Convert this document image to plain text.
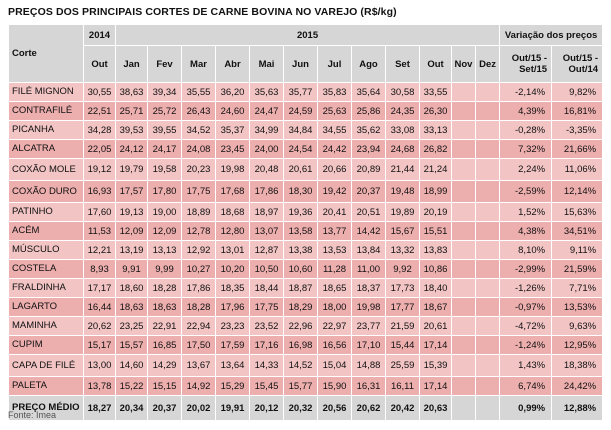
PREÇOS DOS PRINCIPAIS CORTES DE CARNE BOVINA NO VAREJO (R$/kg)
Corte	2014	2015												Variação dos preços	
	Out	Jan	Fev	Mar	Abr	Mai	Jun	Jul	Ago	Set	Out	Nov	Dez	Out/15 - Set/15	Out/15 - Out/14
FILÉ MIGNON	30,55	38,63	39,34	35,55	36,20	35,63	35,77	35,83	35,64	30,58	33,55			-2,14%	9,82%
CONTRAFILÉ	22,51	25,71	25,72	26,43	24,60	24,47	24,59	25,63	25,86	24,35	26,30			4,39%	16,81%
PICANHA	34,28	39,53	39,55	34,52	35,37	34,99	34,84	34,55	35,62	33,08	33,13			-0,28%	-3,35%
ALCATRA	22,05	24,12	24,17	24,08	23,45	24,00	24,54	24,42	23,94	24,68	26,82			7,32%	21,66%
COXÃO MOLE	19,12	19,79	19,58	20,23	19,98	20,48	20,61	20,66	20,89	21,44	21,24			2,24%	11,06%
COXÃO DURO	16,93	17,57	17,80	17,75	17,68	17,86	18,30	19,42	20,37	19,48	18,99			-2,59%	12,14%
PATINHO	17,60	19,13	19,00	18,89	18,68	18,97	19,36	20,41	20,51	19,89	20,19			1,52%	15,63%
ACÉM	11,53	12,09	12,09	12,78	12,80	13,07	13,58	13,77	14,42	15,67	15,51			4,38%	34,51%
MÚSCULO	12,21	13,19	13,13	12,92	13,01	12,87	13,38	13,53	13,84	13,32	13,83			8,10%	9,11%
COSTELA	8,93	9,91	9,99	10,27	10,20	10,50	10,60	11,28	11,00	9,92	10,86			-2,99%	21,59%
FRALDINHA	17,17	18,60	18,28	17,86	18,35	18,44	18,87	18,65	18,37	17,73	18,40			-1,26%	7,71%
LAGARTO	16,44	18,63	18,63	18,28	17,96	17,75	18,29	18,00	19,98	17,77	18,67			-0,97%	13,53%
MAMINHA	20,62	23,25	22,91	22,94	23,23	23,52	22,96	22,97	23,77	21,59	20,61			-4,72%	9,63%
CUPIM	15,17	15,57	16,85	17,50	17,59	17,16	16,98	16,56	17,10	15,44	17,14			-1,24%	12,95%
CAPA DE FILÉ	13,00	14,60	14,29	13,67	13,64	14,33	14,52	15,04	14,88	25,59	15,39			1,43%	18,38%
PALETA	13,78	15,22	15,15	14,92	15,29	15,45	15,77	15,90	16,31	16,11	17,14			6,74%	24,42%
PREÇO MÉDIO	18,27	20,34	20,37	20,02	19,91	20,12	20,32	20,56	20,62	20,42	20,63			0,99%	12,88%
Fonte: Imea
